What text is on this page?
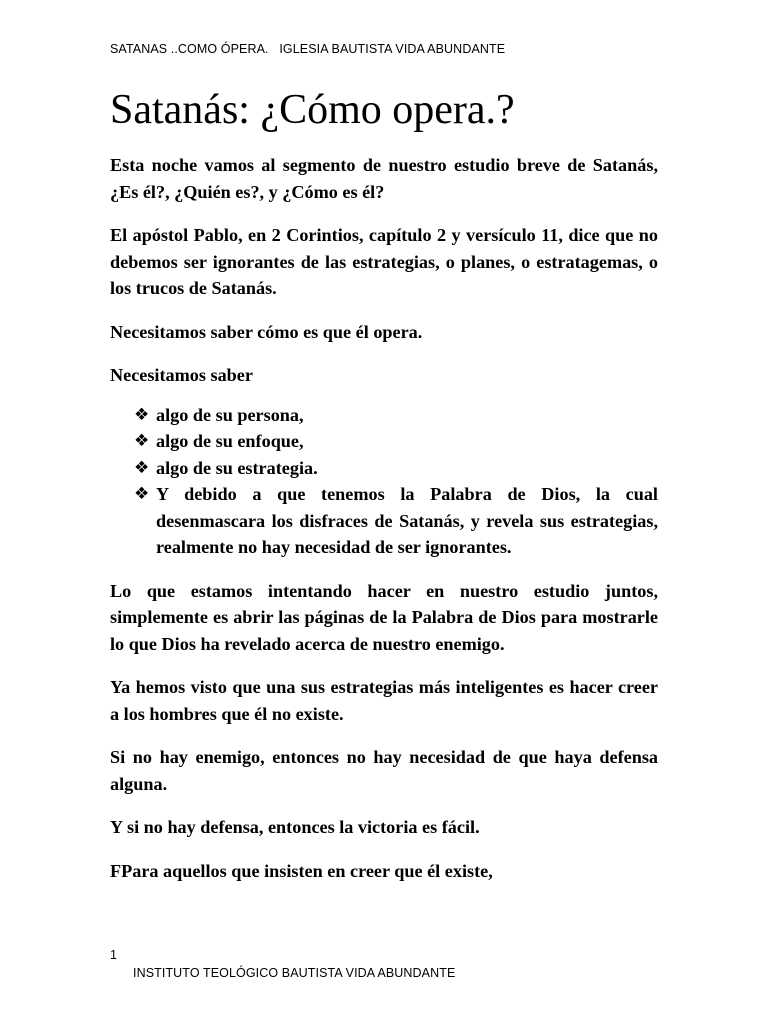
SATANAS ..COMO ÓPERA.   IGLESIA BAUTISTA VIDA ABUNDANTE
Satanás: ¿Cómo opera.?

Esta noche vamos al segmento de nuestro estudio breve de Satanás, ¿Es él?, ¿Quién es?, y ¿Cómo es él?

El apóstol Pablo, en 2 Corintios, capítulo 2 y versículo 11, dice que no debemos ser ignorantes de las estrategias, o planes, o estratagemas, o los trucos de Satanás.

Necesitamos saber cómo es que él opera.

Necesitamos saber

❖ algo de su persona,
❖ algo de su enfoque,
❖ algo de su estrategia.
❖ Y debido a que tenemos la Palabra de Dios, la cual desenmascara los disfraces de Satanás, y revela sus estrategias, realmente no hay necesidad de ser ignorantes.

Lo que estamos intentando hacer en nuestro estudio juntos, simplemente es abrir las páginas de la Palabra de Dios para mostrarle lo que Dios ha revelado acerca de nuestro enemigo.

Ya hemos visto que una sus estrategias más inteligentes es hacer creer a los hombres que él no existe.

Si no hay enemigo, entonces no hay necesidad de que haya defensa alguna.

Y si no hay defensa, entonces la victoria es fácil.

FPara aquellos que insisten en creer que él existe,

1
INSTITUTO TEOLÓGICO BAUTISTA VIDA ABUNDANTE
